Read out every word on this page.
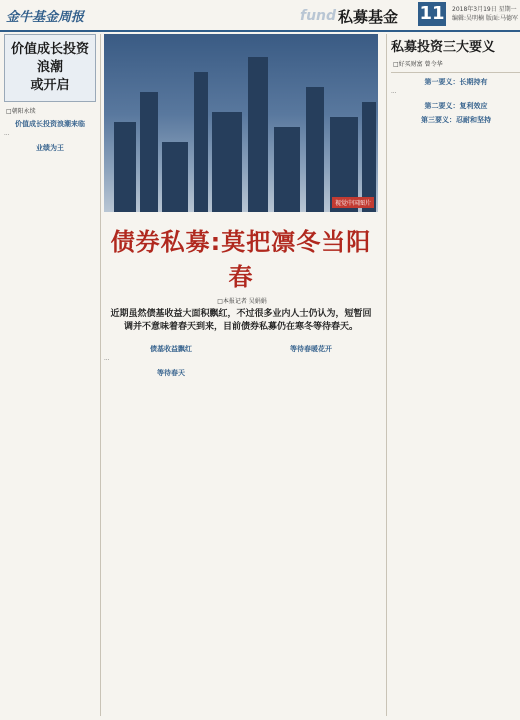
金牛基金周报	fund 私募基金 11 2018年3月19日 星期一
编辑:吴明楠 版面:马德军
价值成长投资浪潮
或开启
□朝阳永续
价值成长投资浪潮来临

…

业绩为王
视觉中国图片
债券私募:莫把凛冬当阳春
□本报记者 吴娟娟
近期虽然债基收益大面积飘红，不过很多业内人士仍认为，短暂回调并不意味着春天到来，目前债券私募仍在寒冬等待春天。
债基收益飘红

…

等待春天
等待春暖花开
私募投资三大要义
□好买财富 曾令华
第一要义：长期持有

…

第二要义：复利效应
第三要义：忍耐和坚持
